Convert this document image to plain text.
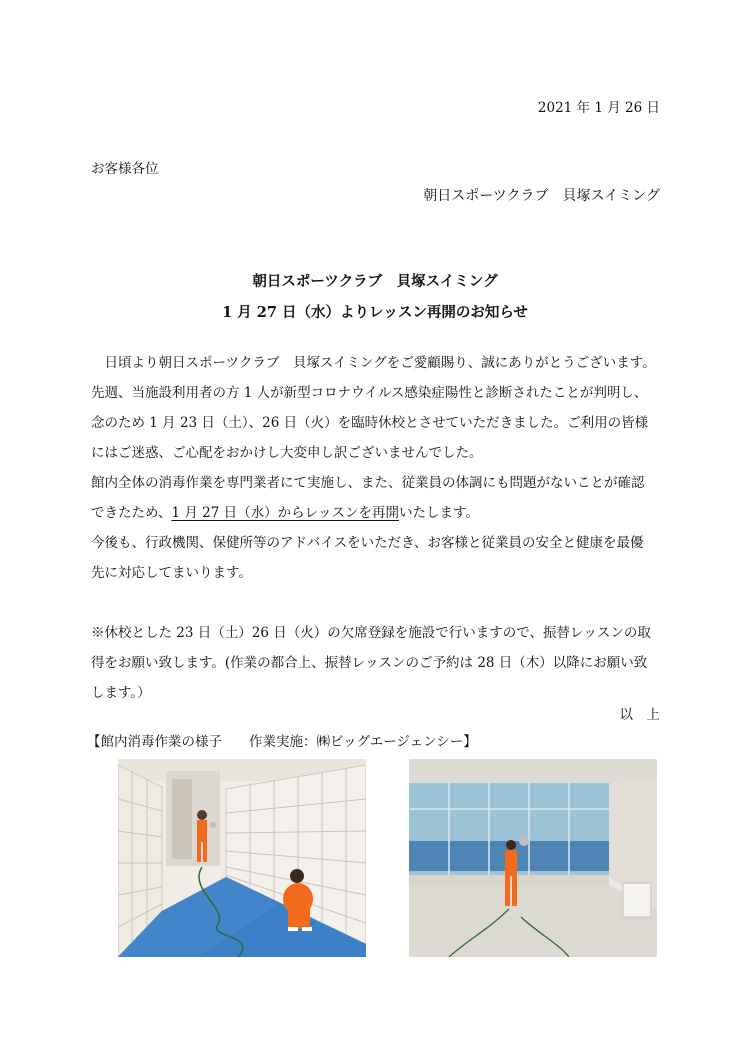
2021 年 1 月 26 日
お客様各位
朝日スポーツクラブ　貝塚スイミング
朝日スポーツクラブ　貝塚スイミング
1 月 27 日（水）よりレッスン再開のお知らせ

　日頃より朝日スポーツクラブ　貝塚スイミングをご愛顧賜り、誠にありがとうございます。

先週、当施設利用者の方 1 人が新型コロナウイルス感染症陽性と診断されたことが判明し、

念のため 1 月 23 日（土）、26 日（火）を臨時休校とさせていただきました。ご利用の皆様

にはご迷惑、ご心配をおかけし大変申し訳ございませんでした。

館内全体の消毒作業を専門業者にて実施し、また、従業員の体調にも問題がないことが確認

できたため、1 月 27 日（水）からレッスンを再開いたします。

今後も、行政機関、保健所等のアドバイスをいただき、お客様と従業員の安全と健康を最優

先に対応してまいります。

※休校とした 23 日（土）26 日（火）の欠席登録を施設で行いますので、振替レッスンの取

得をお願い致します。(作業の都合上、振替レッスンのご予約は 28 日（木）以降にお願い致

します。）

以　上
【館内消毒作業の様子　　作業実施：㈱ビッグエージェンシー】
